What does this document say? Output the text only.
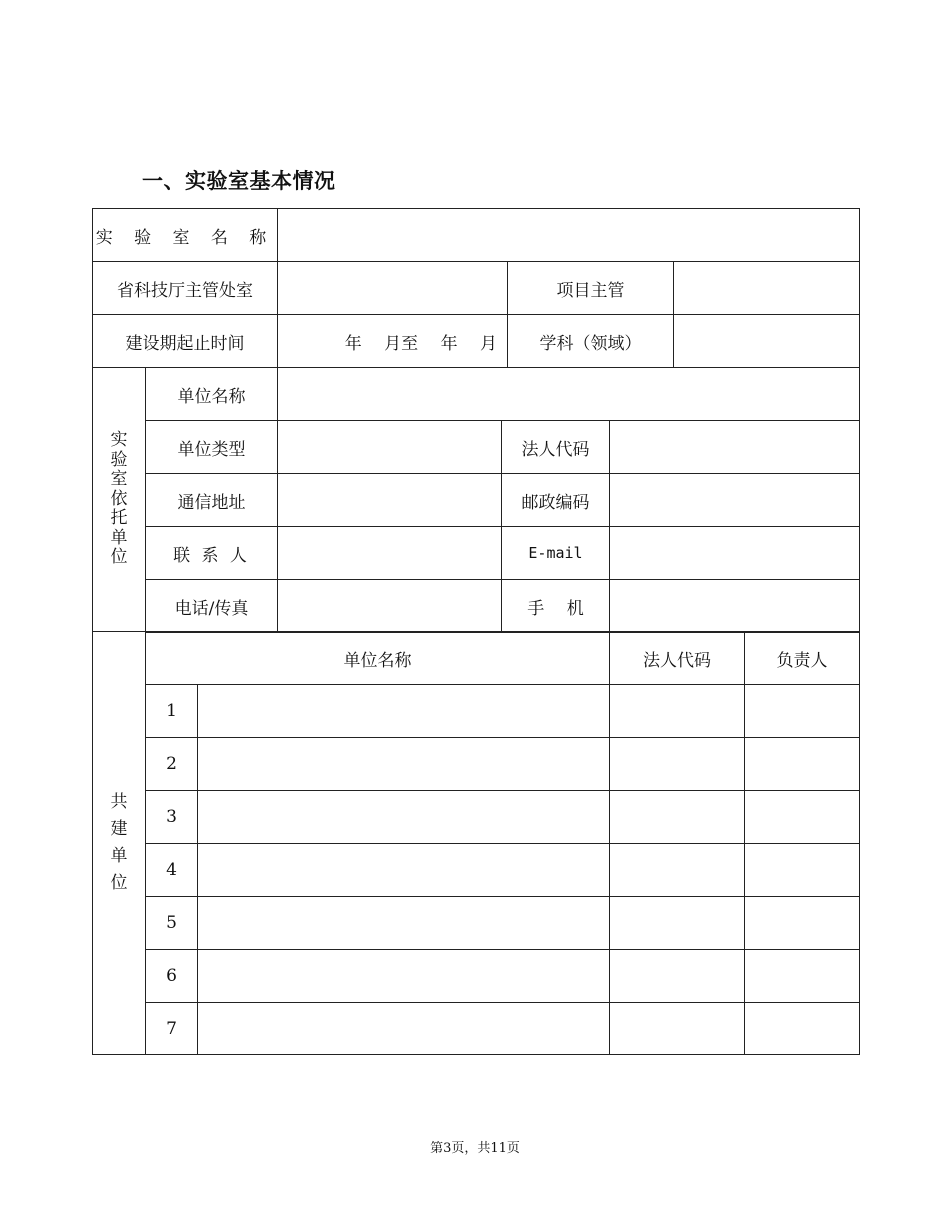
一、实验室基本情况
实 验 室 名 称
省科技厅主管处室	项目主管
建设期起止时间	年　 月至　 年　 月	学科（领域）
实
验
室
依
托
单
位
单位名称
单位类型	法人代码
通信地址	邮政编码
联 系 人	E-mail
电话/传真	手　 机
共
建
单
位
单位名称	法人代码	负责人
1
2
3
4
5
6
7
第3页，共11页
